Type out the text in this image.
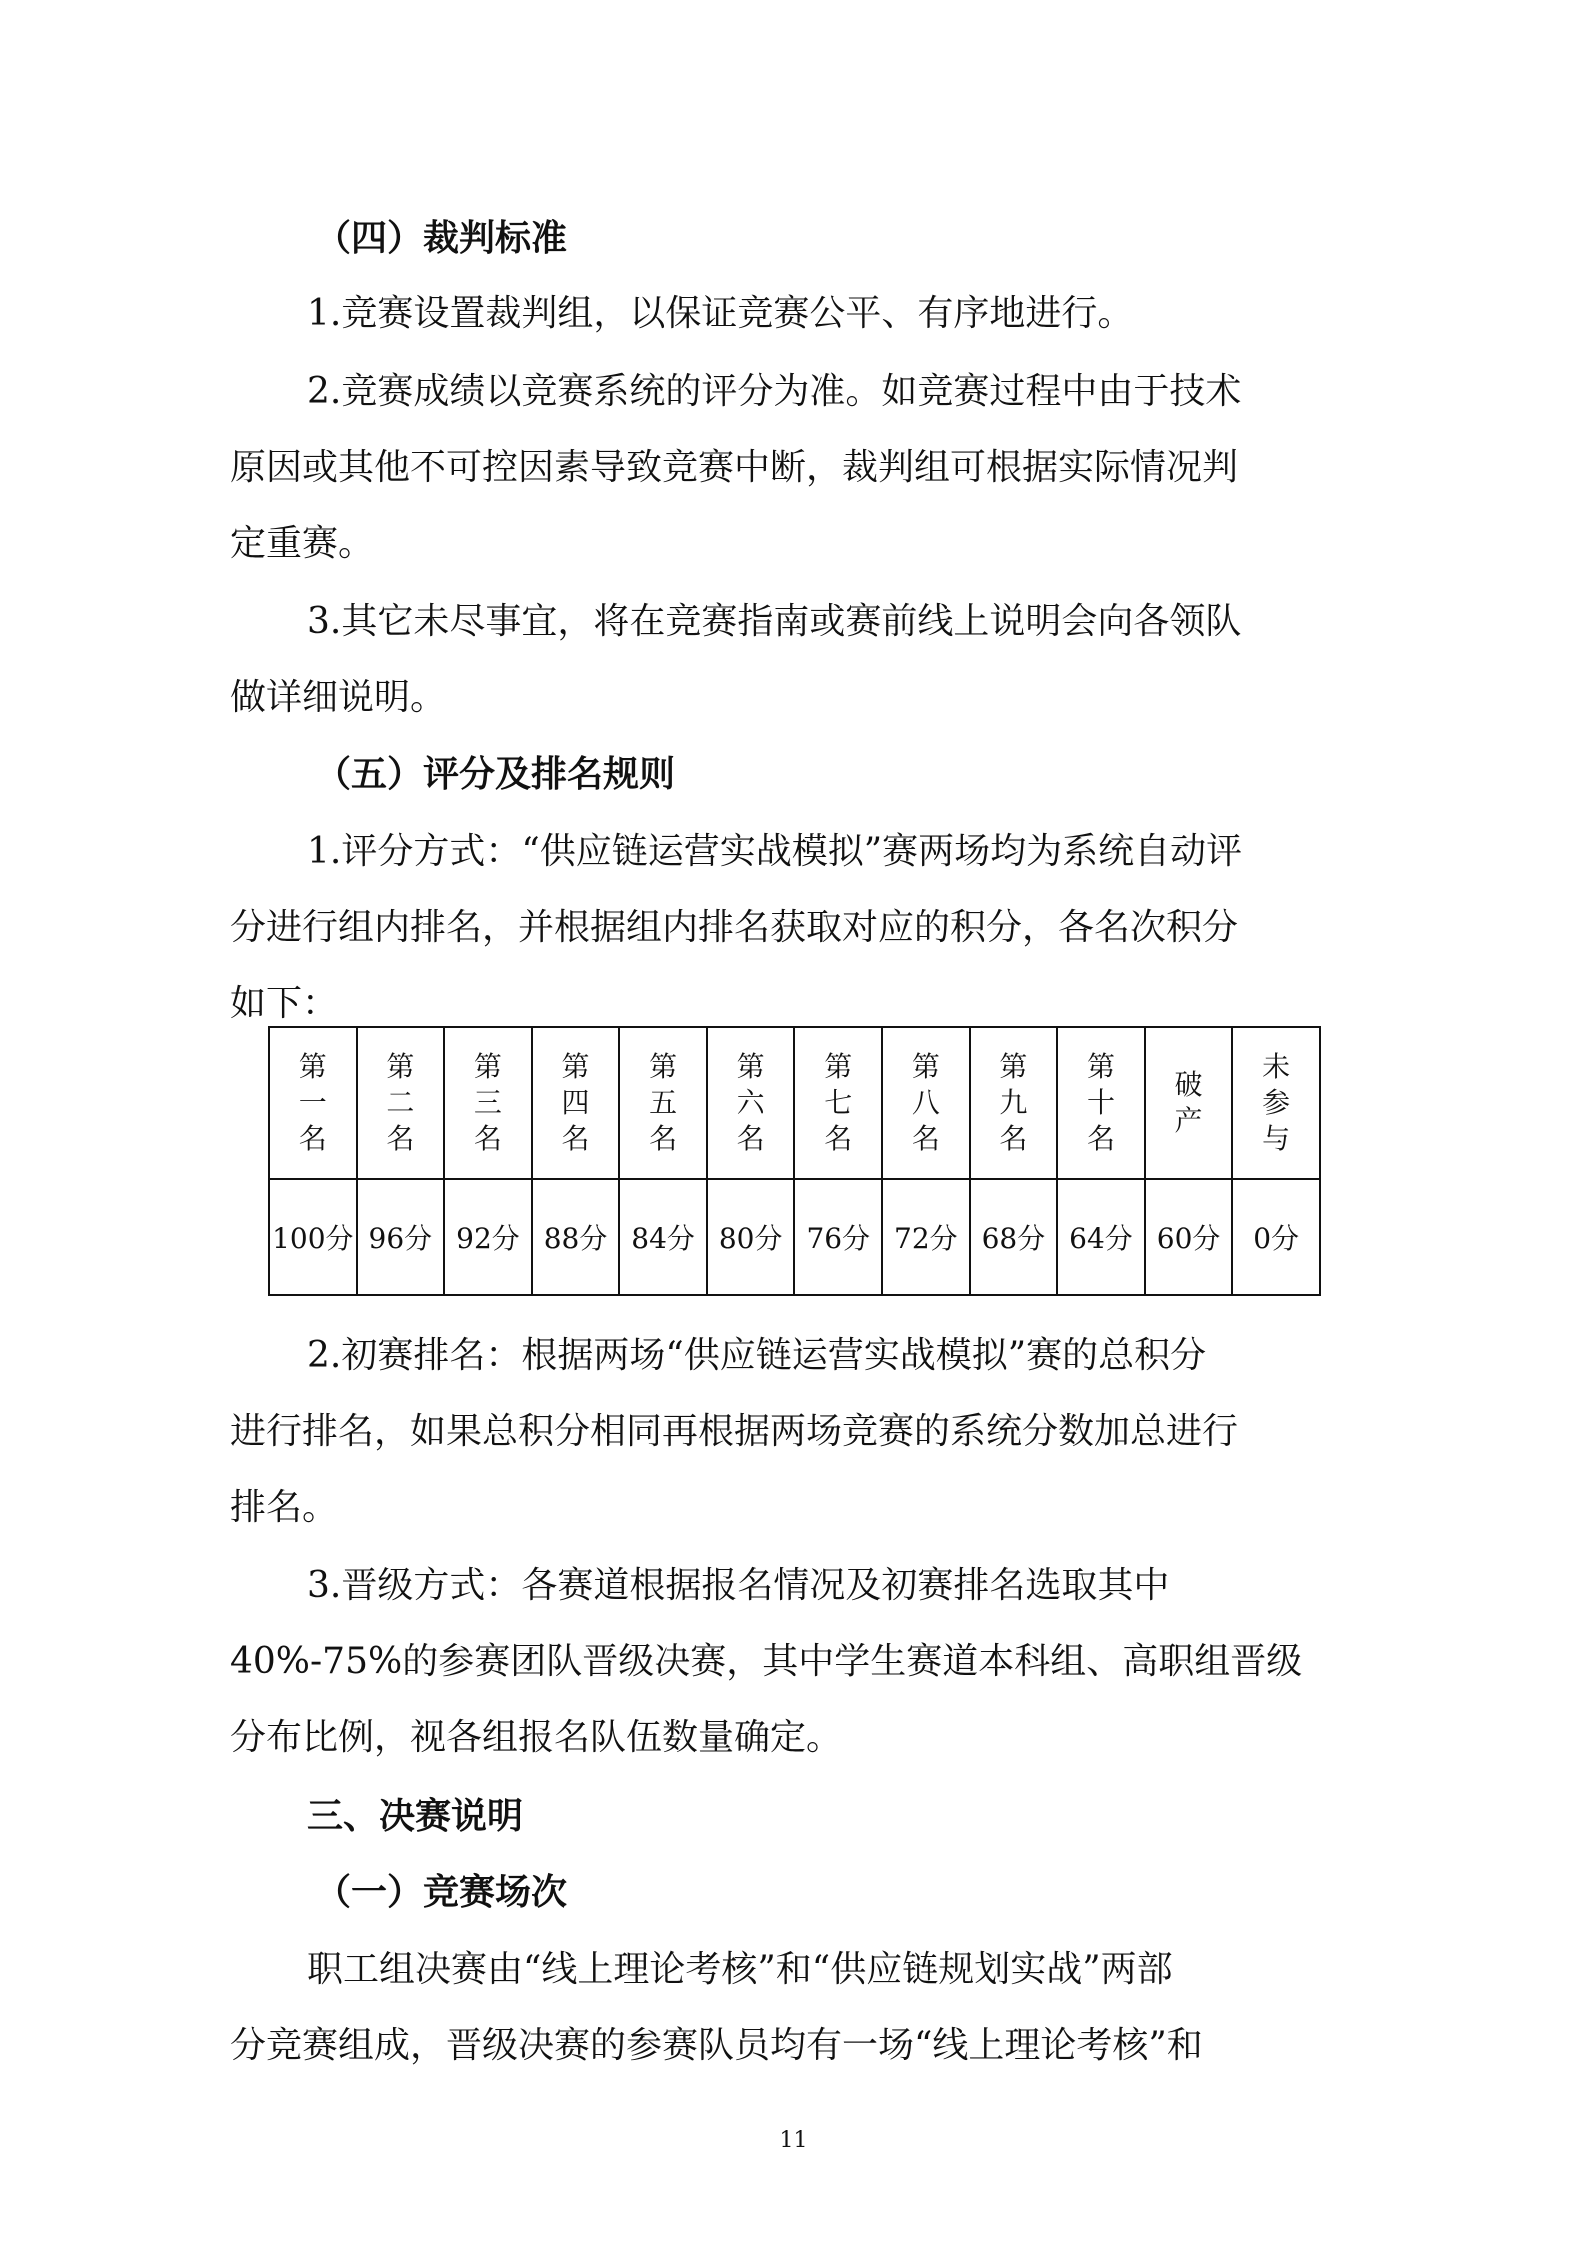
（四）裁判标准
1.竞赛设置裁判组，以保证竞赛公平、有序地进行。
2.竞赛成绩以竞赛系统的评分为准。如竞赛过程中由于技术
原因或其他不可控因素导致竞赛中断，裁判组可根据实际情况判
定重赛。
3.其它未尽事宜，将在竞赛指南或赛前线上说明会向各领队
做详细说明。
（五）评分及排名规则
1.评分方式：“供应链运营实战模拟”赛两场均为系统自动评
分进行组内排名，并根据组内排名获取对应的积分，各名次积分
如下：
第一名	第二名	第三名	第四名	第五名	第六名	第七名	第八名	第九名	第十名	破产	未参与
100分	96分	92分	88分	84分	80分	76分	72分	68分	64分	60分	0分
2.初赛排名：根据两场“供应链运营实战模拟”赛的总积分
进行排名，如果总积分相同再根据两场竞赛的系统分数加总进行
排名。
3.晋级方式：各赛道根据报名情况及初赛排名选取其中
40%-75%的参赛团队晋级决赛，其中学生赛道本科组、高职组晋级
分布比例，视各组报名队伍数量确定。
三、决赛说明
（一）竞赛场次
职工组决赛由“线上理论考核”和“供应链规划实战”两部
分竞赛组成，晋级决赛的参赛队员均有一场“线上理论考核”和
11
